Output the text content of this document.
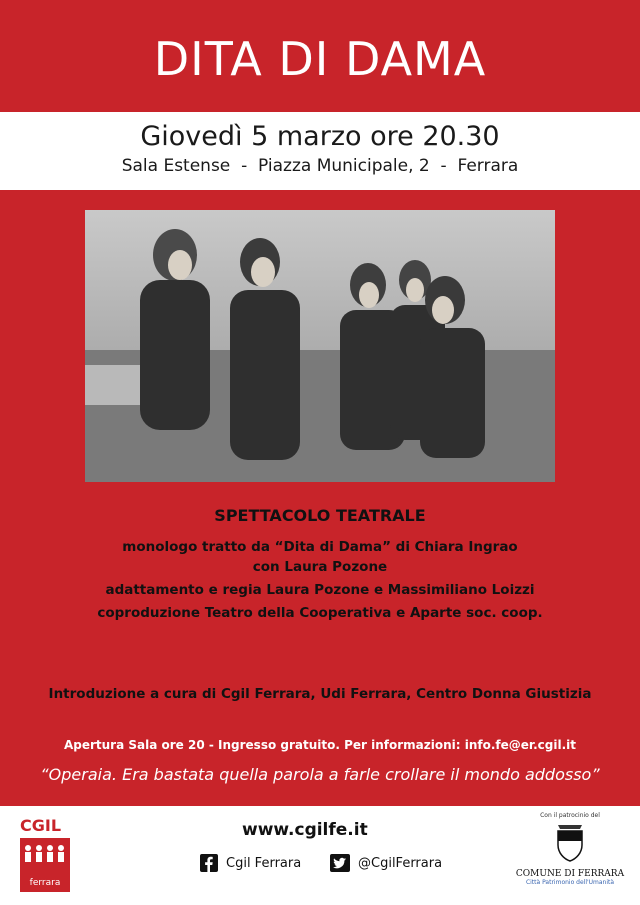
DITA DI DAMA
Giovedì 5 marzo ore 20.30
Sala Estense  -  Piazza Municipale, 2  -  Ferrara
SPETTACOLO TEATRALE
monologo tratto da “Dita di Dama” di Chiara Ingrao
con Laura Pozone
adattamento e regia Laura Pozone e Massimiliano Loizzi
coproduzione Teatro della Cooperativa e Aparte soc. coop.
Introduzione a cura di Cgil Ferrara, Udi Ferrara, Centro Donna Giustizia
Apertura Sala ore 20 - Ingresso gratuito. Per informazioni: info.fe@er.cgil.it
“Operaia. Era bastata quella parola a farle crollare il mondo addosso”
CGIL
ferrara
www.cgilfe.it
Cgil Ferrara	@CgilFerrara
Con il patrocinio del
COMUNE DI FERRARA
Città Patrimonio dell'Umanità
